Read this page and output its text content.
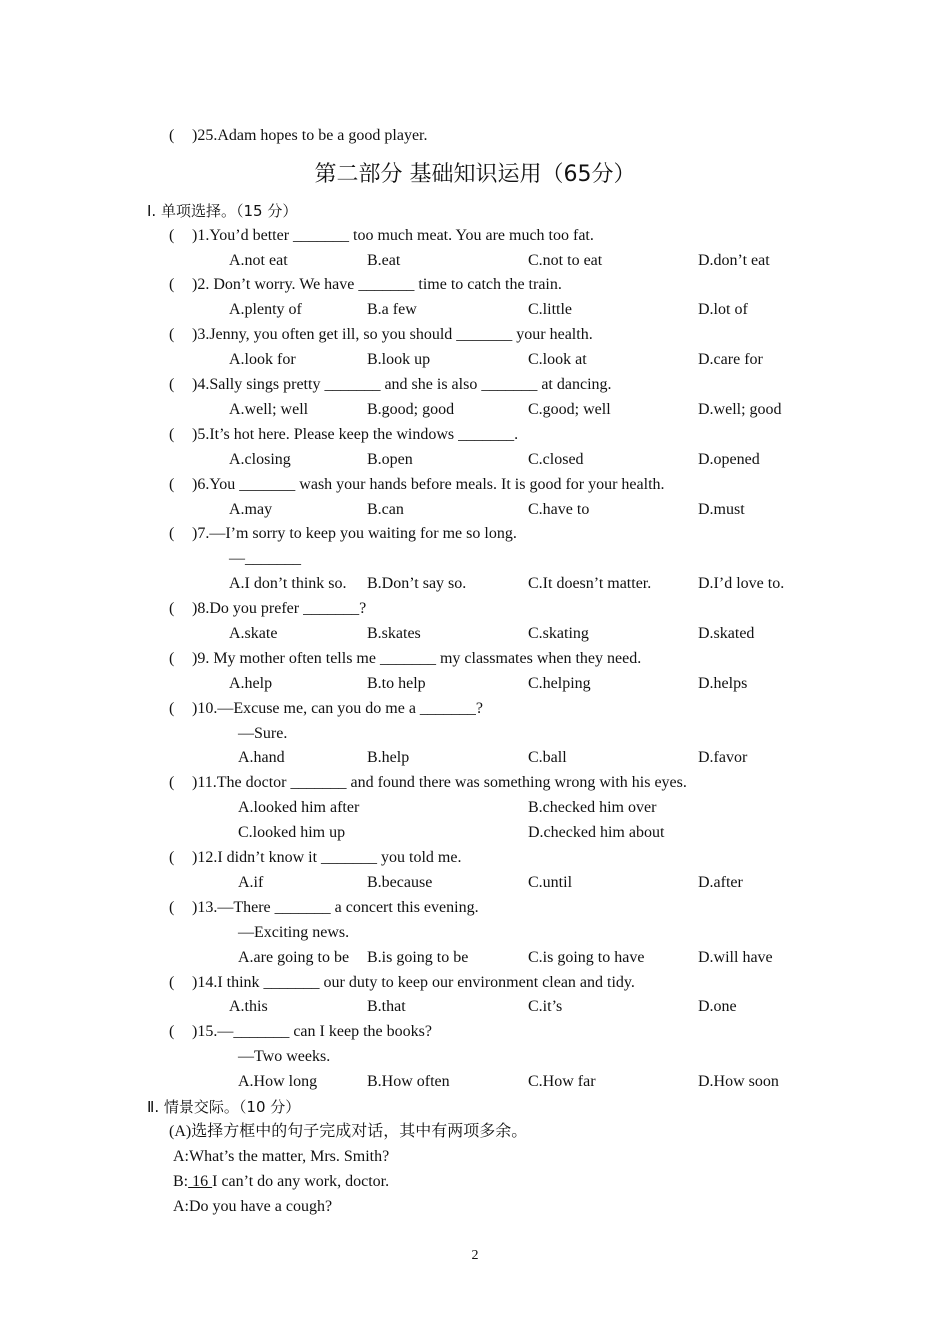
( )25.Adam hopes to be a good player.
第二部分 基础知识运用（65分）
Ⅰ. 单项选择。（15 分）
( )1.You’d better _______ too much meat. You are much too fat.
A.not eat	B.eat	C.not to eat	D.don’t eat
( )2. Don’t worry. We have _______ time to catch the train.
A.plenty of	B.a few	C.little	D.lot of
( )3.Jenny, you often get ill, so you should _______ your health.
A.look for	B.look up	C.look at	D.care for
( )4.Sally sings pretty _______ and she is also _______ at dancing.
A.well; well	B.good; good	C.good; well	D.well; good
( )5.It’s hot here. Please keep the windows _______.
A.closing	B.open	C.closed	D.opened
( )6.You _______ wash your hands before meals. It is good for your health.
A.may	B.can	C.have to	D.must
( )7.—I’m sorry to keep you waiting for me so long.
—_______
A.I don’t think so. B.Don’t say so.	C.It doesn’t matter.	D.I’d love to.
( )8.Do you prefer _______?
A.skate	B.skates	C.skating	D.skated
( )9. My mother often tells me _______ my classmates when they need.
A.help	B.to help	C.helping	D.helps
( )10.—Excuse me, can you do me a _______?
—Sure.
A.hand	B.help	C.ball	D.favor
( )11.The doctor _______ and found there was something wrong with his eyes.
A.looked him after	B.checked him over
C.looked him up	D.checked him about
( )12.I didn’t know it _______ you told me.
A.if	B.because	C.until	D.after
( )13.—There _______ a concert this evening.
—Exciting news.
A.are going to be B.is going to be	C.is going to have	D.will have
( )14.I think _______ our duty to keep our environment clean and tidy.
A.this	B.that	C.it’s	D.one
( )15.—_______ can I keep the books?
—Two weeks.
A.How long	B.How often	C.How far	D.How soon
Ⅱ. 情景交际。（10 分）
(A)选择方框中的句子完成对话，其中有两项多余。
A:What’s the matter, Mrs. Smith?
B: 16 I can’t do any work, doctor.
A:Do you have a cough?
2
